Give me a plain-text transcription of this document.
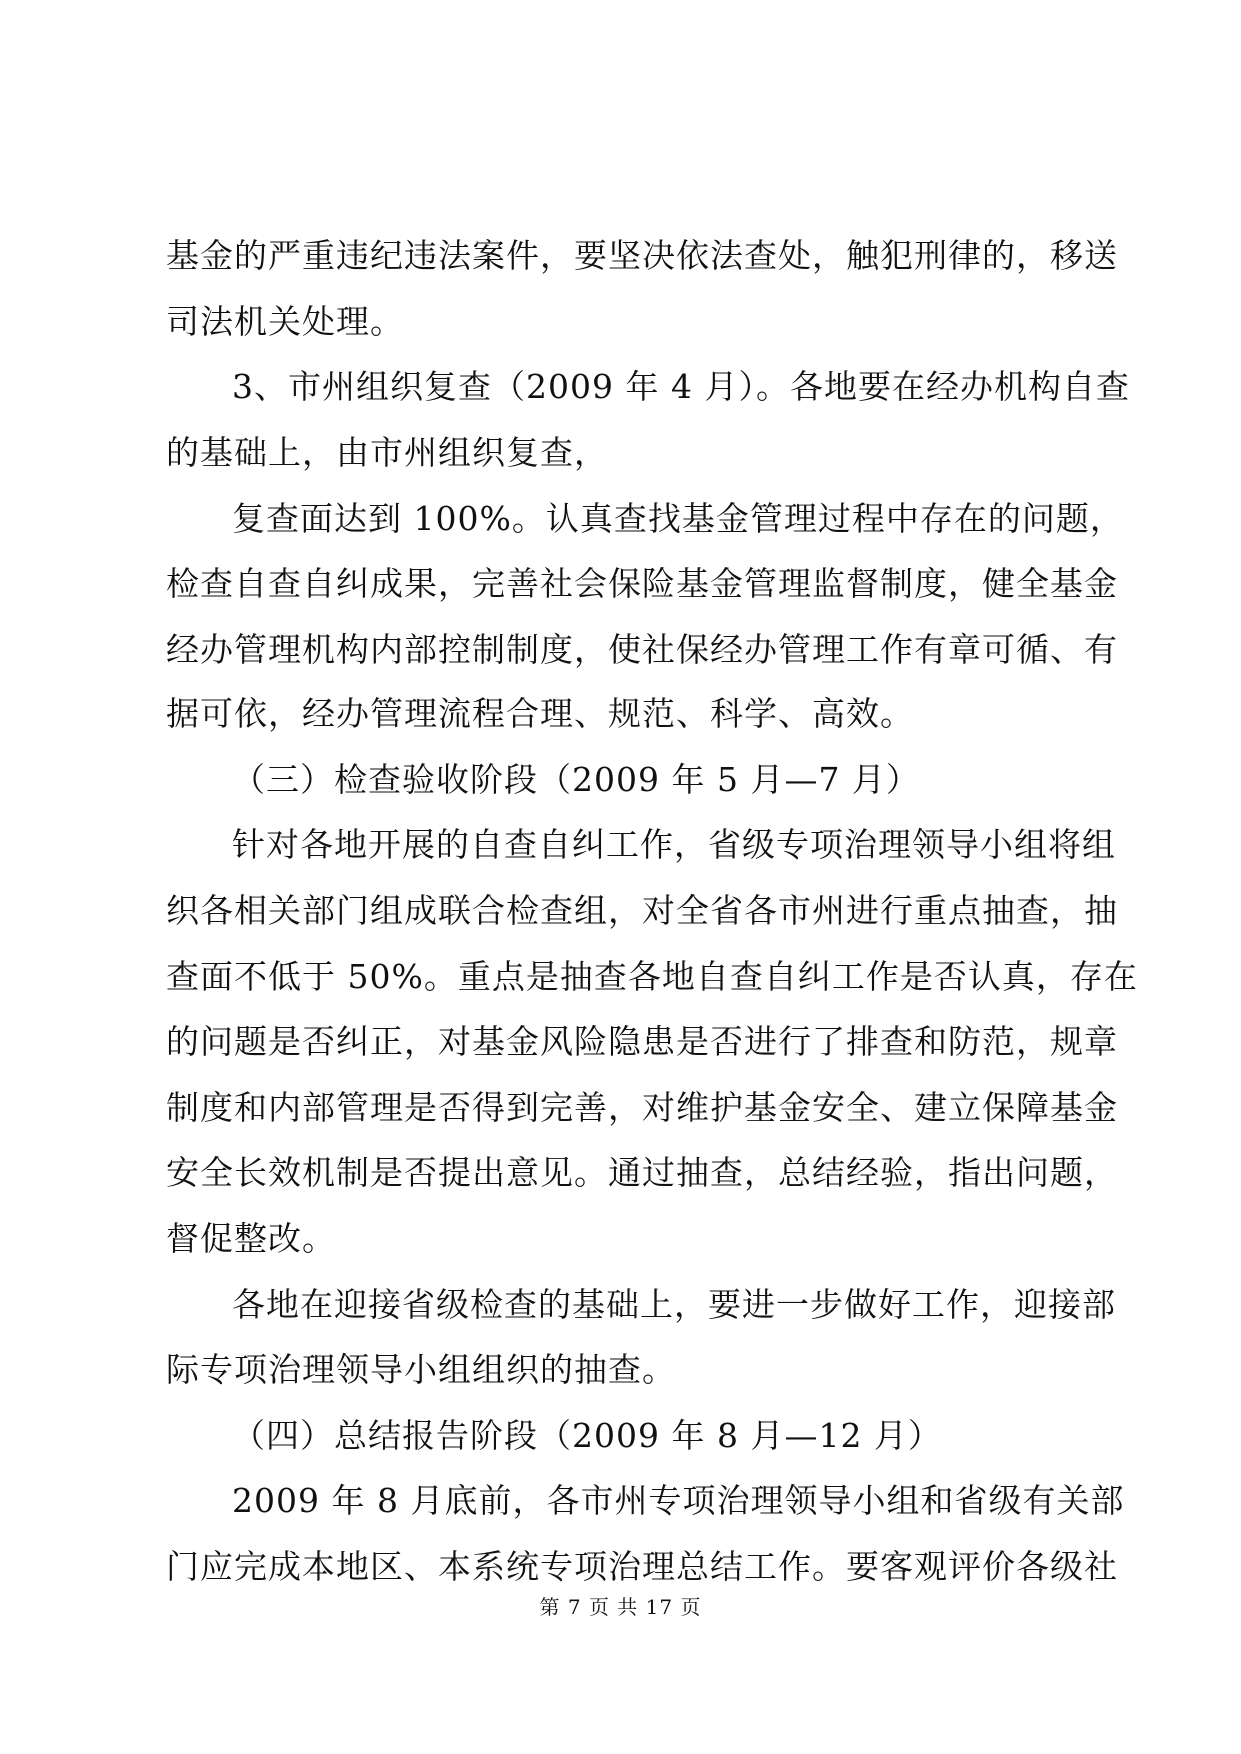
基金的严重违纪违法案件，要坚决依法查处，触犯刑律的，移送

司法机关处理。

3、市州组织复查（2009 年 4 月）。各地要在经办机构自查

的基础上，由市州组织复查，

复查面达到 100%。认真查找基金管理过程中存在的问题，

检查自查自纠成果，完善社会保险基金管理监督制度，健全基金

经办管理机构内部控制制度，使社保经办管理工作有章可循、有

据可依，经办管理流程合理、规范、科学、高效。

（三）检查验收阶段（2009 年 5 月—7 月）

针对各地开展的自查自纠工作，省级专项治理领导小组将组

织各相关部门组成联合检查组，对全省各市州进行重点抽查，抽

查面不低于 50%。重点是抽查各地自查自纠工作是否认真，存在

的问题是否纠正，对基金风险隐患是否进行了排查和防范，规章

制度和内部管理是否得到完善，对维护基金安全、建立保障基金

安全长效机制是否提出意见。通过抽查，总结经验，指出问题，

督促整改。

各地在迎接省级检查的基础上，要进一步做好工作，迎接部

际专项治理领导小组组织的抽查。

（四）总结报告阶段（2009 年 8 月—12 月）

2009 年 8 月底前，各市州专项治理领导小组和省级有关部

门应完成本地区、本系统专项治理总结工作。要客观评价各级社

第 7 页 共 17 页
